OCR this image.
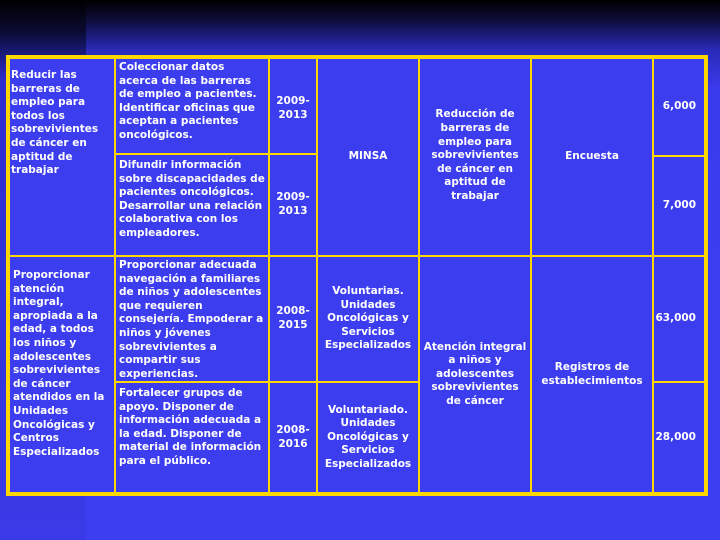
Reducir las barreras de empleo para todos los sobrevivientes de cáncer en aptitud de trabajar
Coleccionar datos acerca de las barreras de empleo a pacientes. Identificar oficinas que aceptan a pacientes oncológicos.
2009-2013
Difundir información sobre discapacidades de pacientes oncológicos. Desarrollar una relación colaborativa con los empleadores.
2009-2013
MINSA
Reducción de barreras de empleo para sobrevivientes de cáncer en aptitud de trabajar
Encuesta
6,000
7,000
Proporcionar atención integral, apropiada a la edad, a todos los niños y adolescentes sobrevivientes de cáncer atendidos en la Unidades Oncológicas y Centros Especializados
Proporcionar adecuada navegación a familiares de niños y adolescentes que requieren consejería. Empoderar a niños y jóvenes sobrevivientes a compartir sus experiencias.
2008-2015
Voluntarias. Unidades Oncológicas y Servicios Especializados
Fortalecer grupos de apoyo. Disponer de información adecuada a la edad. Disponer de material de información para el público.
2008-2016
Voluntariado. Unidades Oncológicas y Servicios Especializados
Atención integral a niños y adolescentes sobrevivientes de cáncer
Registros de establecimientos
63,000
28,000
